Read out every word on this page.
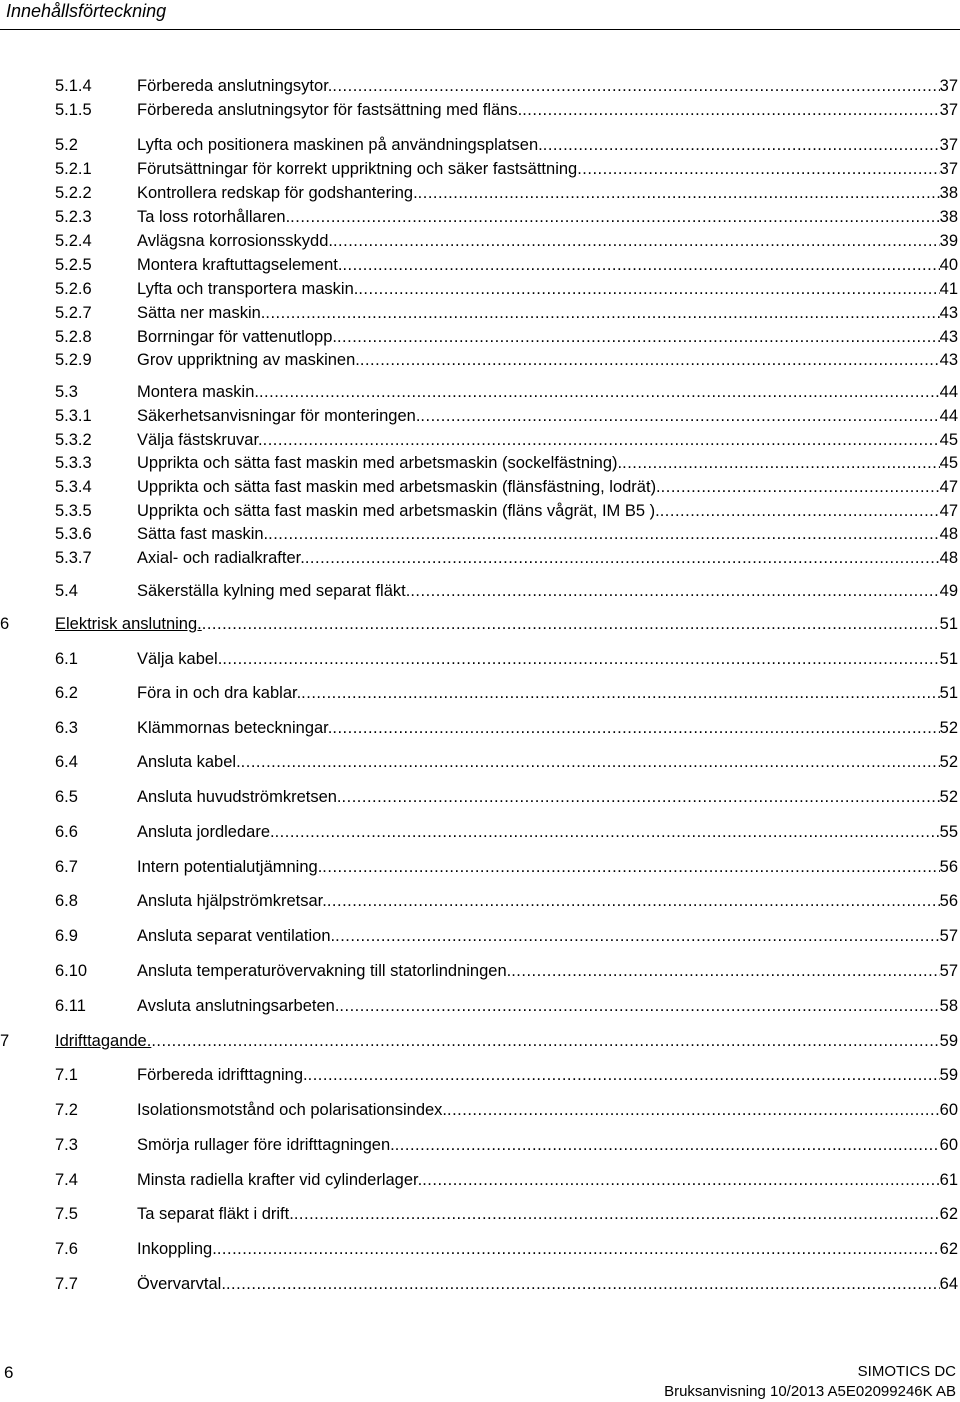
Innehållsförteckning
5.1.4	Förbereda anslutningsytor. .....	37
5.1.5	Förbereda anslutningsytor för fastsättning med fläns. .....	37
5.2	Lyfta och positionera maskinen på användningsplatsen. .....	37
5.2.1	Förutsättningar för korrekt uppriktning och säker fastsättning .....	37
5.2.2	Kontrollera redskap för godshantering. .....	38
5.2.3	Ta loss rotorhållaren. .....	38
5.2.4	Avlägsna korrosionsskydd. .....	39
5.2.5	Montera kraftuttagselement. .....	40
5.2.6	Lyfta och transportera maskin. .....	41
5.2.7	Sätta ner maskin. .....	43
5.2.8	Borrningar för vattenutlopp. .....	43
5.2.9	Grov uppriktning av maskinen. .....	43
5.3	Montera maskin. .....	44
5.3.1	Säkerhetsanvisningar för monteringen. .....	44
5.3.2	Välja fästskruvar. .....	45
5.3.3	Upprikta och sätta fast maskin med arbetsmaskin (sockelfästning). .....	45
5.3.4	Upprikta och sätta fast maskin med arbetsmaskin (flänsfästning, lodrät). .....	47
5.3.5	Upprikta och sätta fast maskin med arbetsmaskin (fläns vågrät, IM B5 ). .....	47
5.3.6	Sätta fast maskin. .....	48
5.3.7	Axial- och radialkrafter. .....	48
5.4	Säkerställa kylning med separat fläkt. .....	49
6	Elektrisk anslutning. .....	51
6.1	Välja kabel. .....	51
6.2	Föra in och dra kablar. .....	51
6.3	Klämmornas beteckningar. .....	52
6.4	Ansluta kabel. .....	52
6.5	Ansluta huvudströmkretsen. .....	52
6.6	Ansluta jordledare. .....	55
6.7	Intern potentialutjämning. .....	56
6.8	Ansluta hjälpströmkretsar. .....	56
6.9	Ansluta separat ventilation. .....	57
6.10	Ansluta temperaturövervakning till statorlindningen. .....	57
6.11	Avsluta anslutningsarbeten. .....	58
7	Idrifttagande. .....	59
7.1	Förbereda idrifttagning. .....	59
7.2	Isolationsmotstånd och polarisationsindex. .....	60
7.3	Smörja rullager före idrifttagningen. .....	60
7.4	Minsta radiella krafter vid cylinderlager. .....	61
7.5	Ta separat fläkt i drift. .....	62
7.6	Inkoppling. .....	62
7.7	Övervarvtal. .....	64
6	SIMOTICS DC
Bruksanvisning 10/2013 A5E02099246K AB
